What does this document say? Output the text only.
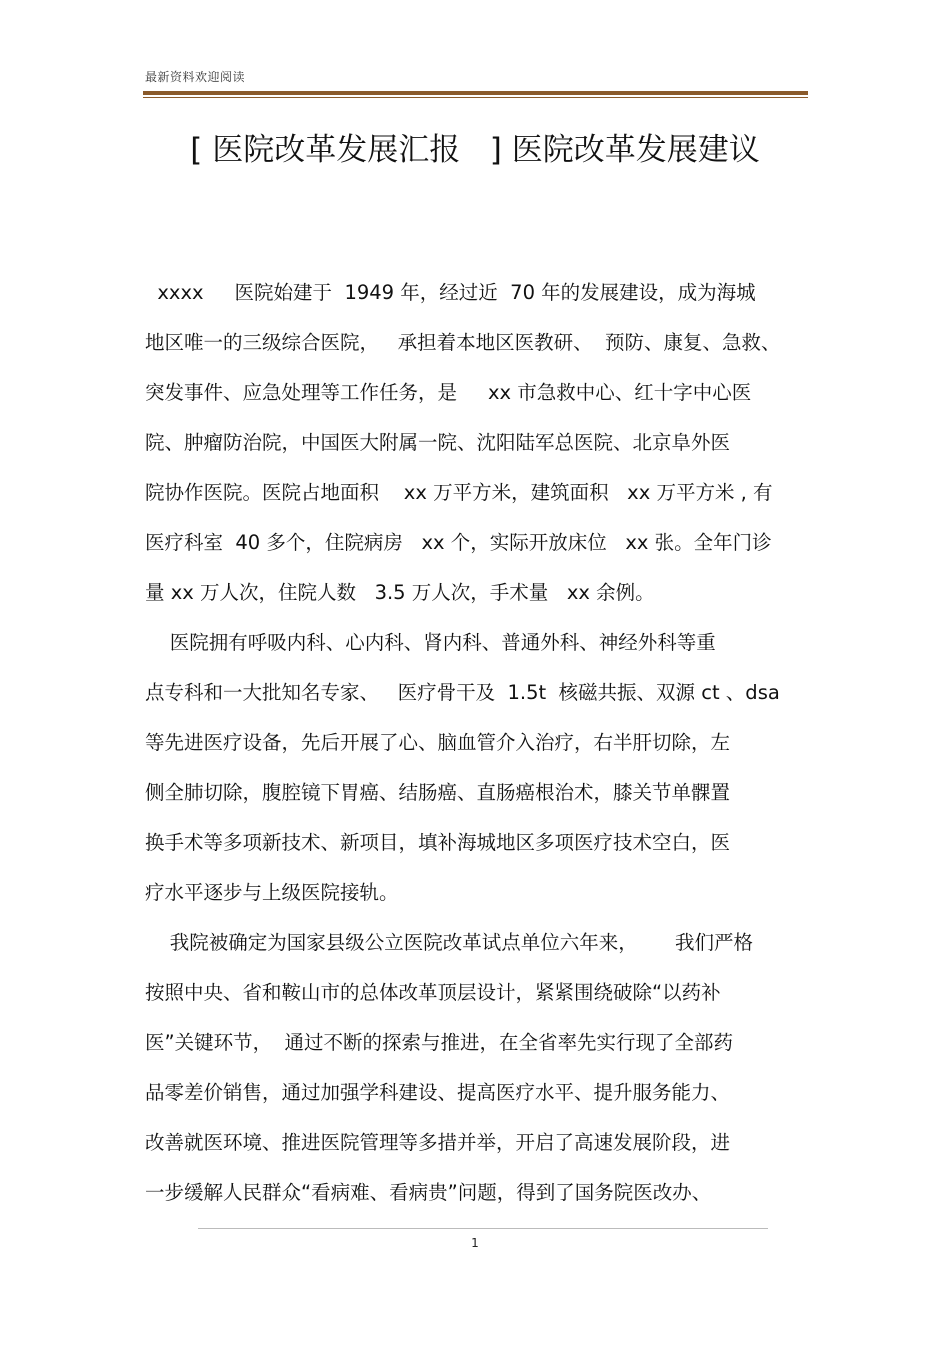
最新资料欢迎阅读
[ 医院改革发展汇报   ] 医院改革发展建议
xxxx     医院始建于  1949 年，经过近  70 年的发展建设，成为海城
地区唯一的三级综合医院，   承担着本地区医教研、  预防、康复、急救、
突发事件、应急处理等工作任务，是     xx 市急救中心、红十字中心医
院、肿瘤防治院，中国医大附属一院、沈阳陆军总医院、北京阜外医
院协作医院。医院占地面积    xx 万平方米，建筑面积   xx 万平方米 , 有
医疗科室  40 多个，住院病房   xx 个，实际开放床位   xx 张。全年门诊
量 xx 万人次，住院人数   3.5 万人次，手术量   xx 余例。
医院拥有呼吸内科、心内科、肾内科、普通外科、神经外科等重
点专科和一大批知名专家、   医疗骨干及  1.5t  核磁共振、双源 ct 、dsa
等先进医疗设备，先后开展了心、脑血管介入治疗，右半肝切除，左
侧全肺切除，腹腔镜下胃癌、结肠癌、直肠癌根治术，膝关节单髁置
换手术等多项新技术、新项目，填补海城地区多项医疗技术空白，医
疗水平逐步与上级医院接轨。
我院被确定为国家县级公立医院改革试点单位六年来，      我们严格
按照中央、省和鞍山市的总体改革顶层设计，紧紧围绕破除“以药补
医”关键环节，  通过不断的探索与推进，在全省率先实行现了全部药
品零差价销售，通过加强学科建设、提高医疗水平、提升服务能力、
改善就医环境、推进医院管理等多措并举，开启了高速发展阶段，进
一步缓解人民群众“看病难、看病贵”问题，得到了国务院医改办、
1
